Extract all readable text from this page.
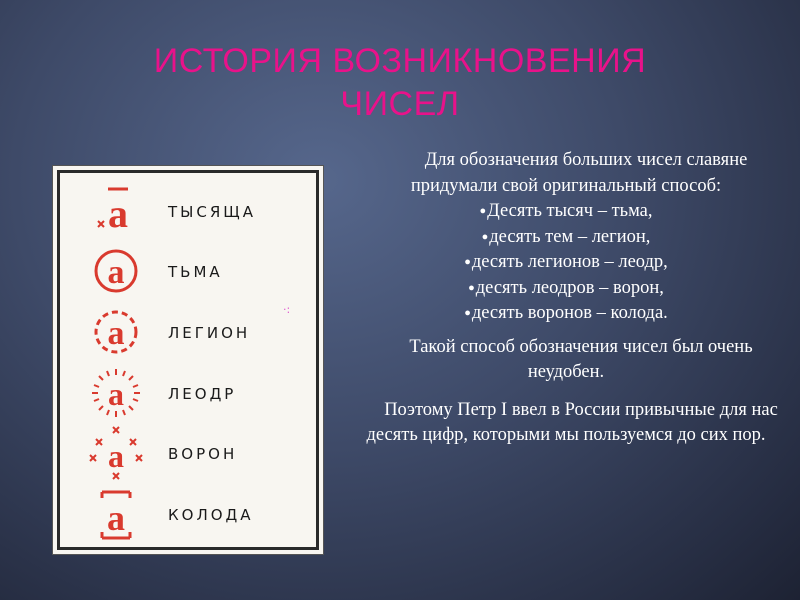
ИСТОРИЯ ВОЗНИКНОВЕНИЯ
ЧИСЕЛ
а	ТЫСЯЩА
а	ТЬМА
а	ЛЕГИОН
а	ЛЕОДР
а	ВОРОН
а	КОЛОДА
·:

Для обозначения больших чисел славяне придумали свой оригинальный способ:

● Десять тысяч – тьма,
● десять тем – легион,
● десять легионов – леодр,
● десять леодров – ворон,
● десять воронов – колода.

Такой способ обозначения чисел был очень неудобен.

Поэтому Петр I ввел в России привычные для нас десять цифр, которыми мы пользуемся до сих пор.
